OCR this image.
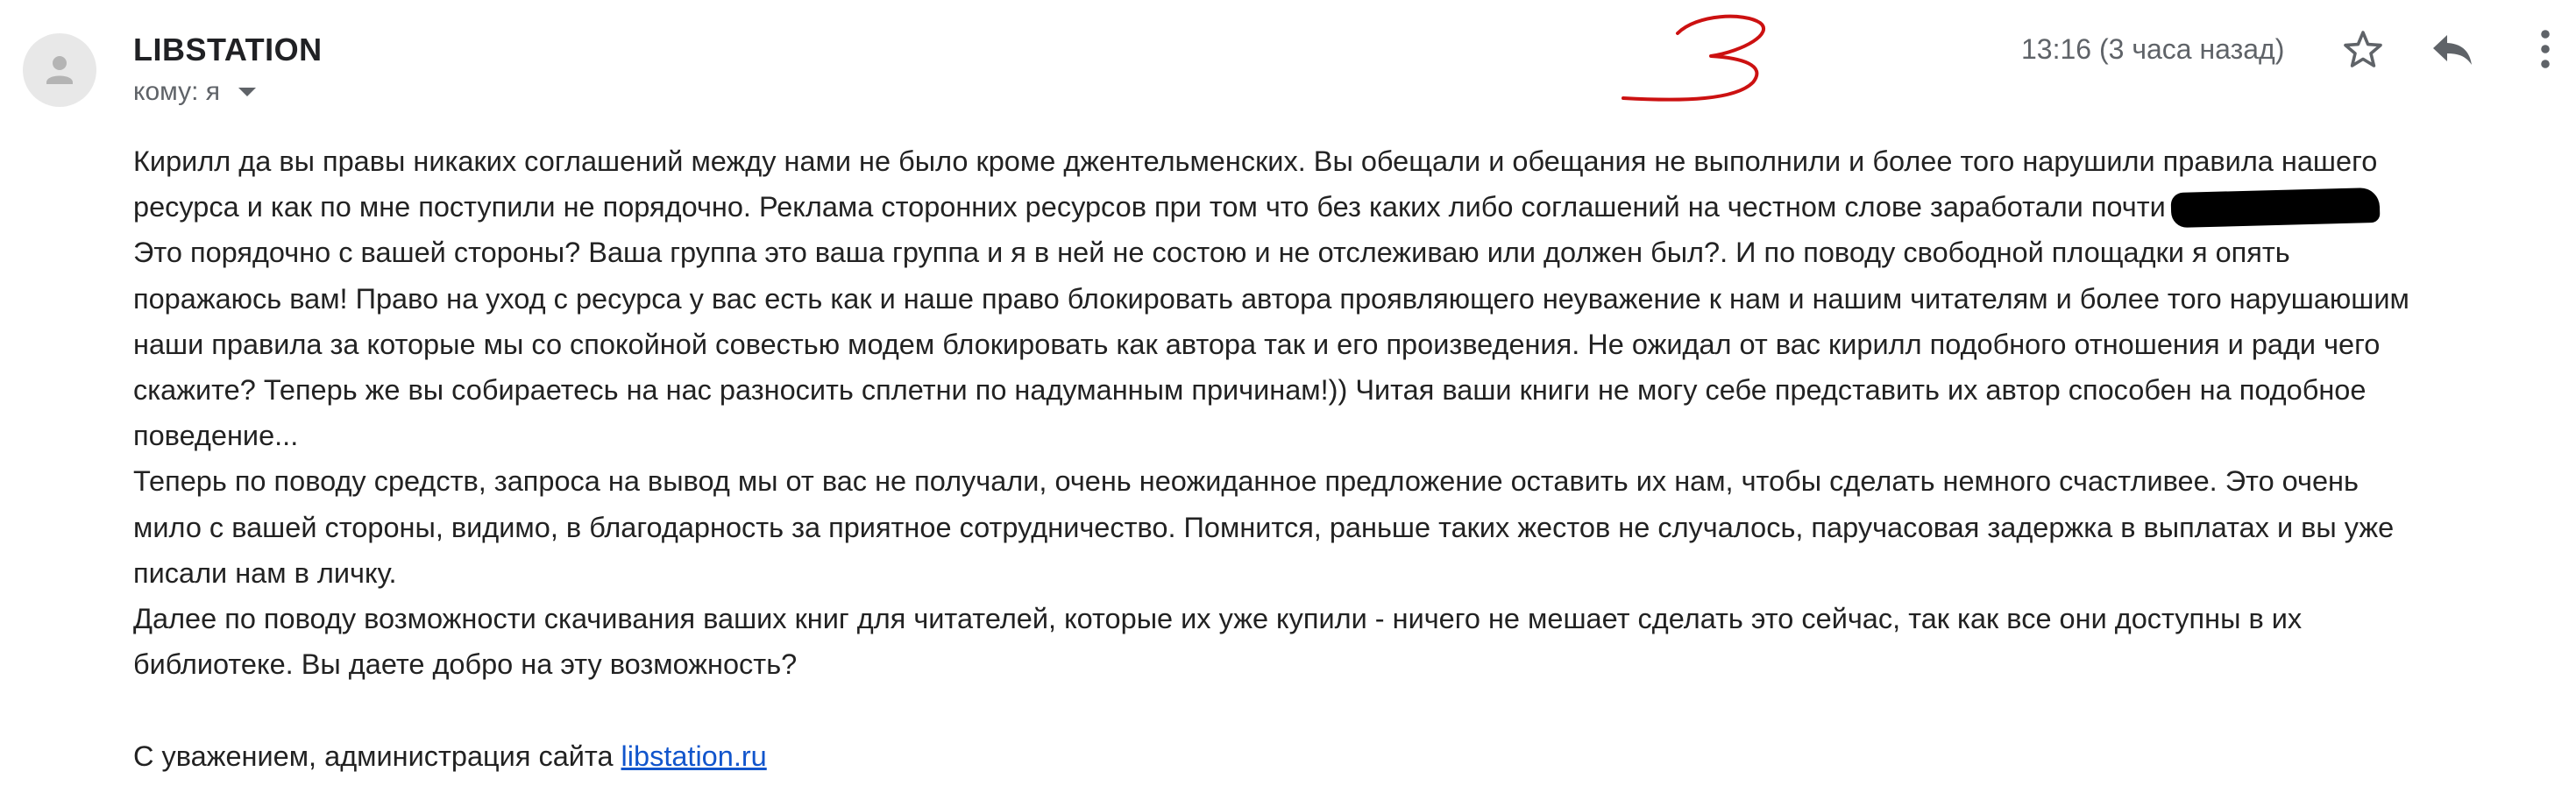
LIBSTATION
кому: я
13:16 (3 часа назад)

Кирилл да вы правы никаких соглашений между нами не было кроме джентельменских. Вы обещали и обещания не выполнили и более того нарушили правила нашего

ресурса и как по мне поступили не порядочно. Реклама сторонних ресурсов при том что без каких либо соглашений на честном слове заработали почти

Это порядочно с вашей стороны? Ваша группа это ваша группа и я в ней не состою и не отслеживаю или должен был?. И по поводу свободной площадки я опять

поражаюсь вам! Право на уход с ресурса у вас есть как и наше право блокировать автора проявляющего неуважение к нам и нашим читателям и более того нарушаюшим

наши правила за которые мы со спокойной совестью модем блокировать как автора так и его произведения. Не ожидал от вас кирилл подобного отношения и ради чего

скажите? Теперь же вы собираетесь на нас разносить сплетни по надуманным причинам!)) Читая ваши книги не могу себе представить их автор способен на подобное

поведение...

Теперь по поводу средств, запроса на вывод мы от вас не получали, очень неожиданное предложение оставить их нам, чтобы сделать немного счастливее. Это очень

мило с вашей стороны, видимо, в благодарность за приятное сотрудничество. Помнится, раньше таких жестов не случалось, паручасовая задержка в выплатах и вы уже

писали нам в личку.

Далее по поводу возможности скачивания ваших книг для читателей, которые их уже купили - ничего не мешает сделать это сейчас, так как все они доступны в их

библиотеке. Вы даете добро на эту возможность?

С уважением, администрация сайта libstation.ru
